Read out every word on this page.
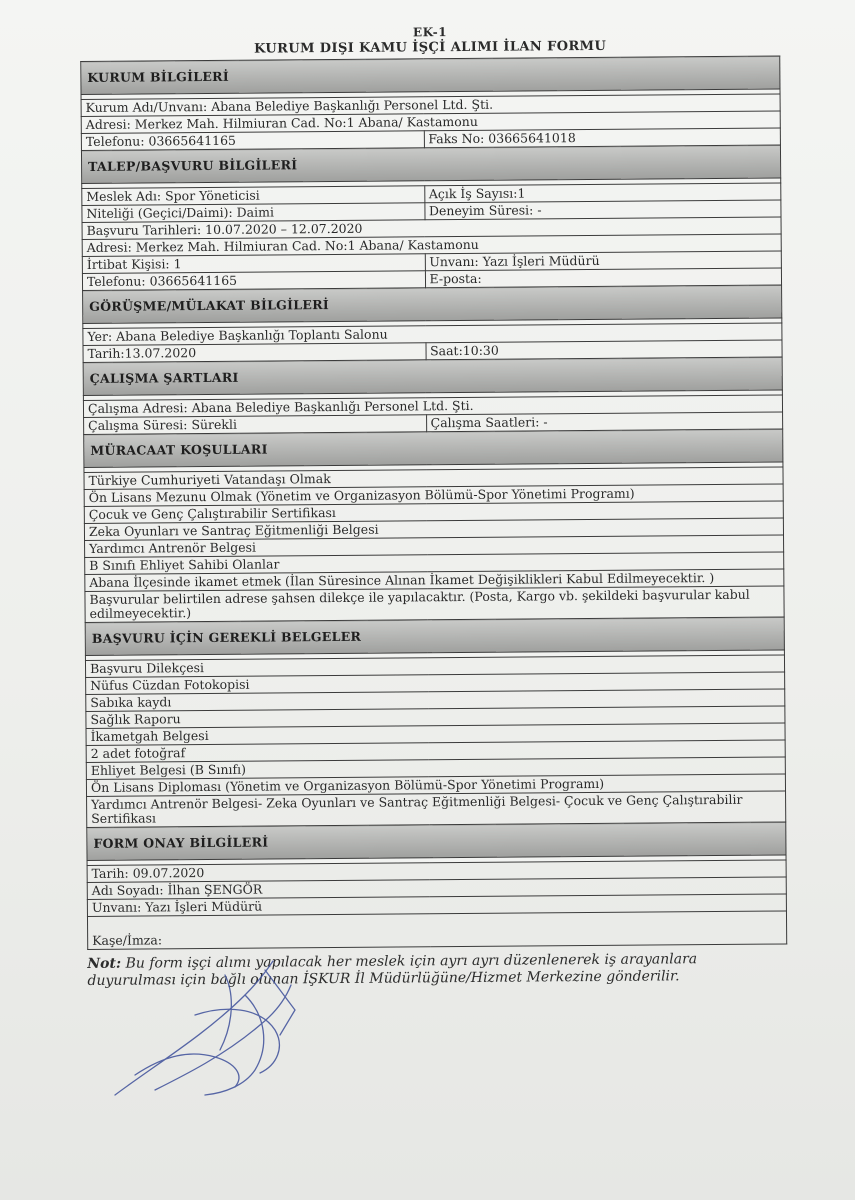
EK-1
KURUM DIŞI KAMU İŞÇİ ALIMI İLAN FORMU
KURUM BİLGİLERİ	

Kurum Adı/Unvanı: Abana Belediye Başkanlığı Personel Ltd. Şti.	
Adresi: Merkez Mah. Hilmiuran Cad. No:1 Abana/ Kastamonu	
Telefonu: 03665641165	Faks No: 03665641018
TALEP/BAŞVURU BİLGİLERİ	

Meslek Adı: Spor Yöneticisi	Açık İş Sayısı:1
Niteliği (Geçici/Daimi): Daimi	Deneyim Süresi: -
Başvuru Tarihleri: 10.07.2020 – 12.07.2020	
Adresi: Merkez Mah. Hilmiuran Cad. No:1 Abana/ Kastamonu	
İrtibat Kişisi: 1	Unvanı: Yazı İşleri Müdürü
Telefonu: 03665641165	E-posta:
GÖRÜŞME/MÜLAKAT BİLGİLERİ	

Yer: Abana Belediye Başkanlığı Toplantı Salonu	
Tarih:13.07.2020	Saat:10:30
ÇALIŞMA ŞARTLARI	

Çalışma Adresi: Abana Belediye Başkanlığı Personel Ltd. Şti.	
Çalışma Süresi: Sürekli	Çalışma Saatleri: -
MÜRACAAT KOŞULLARI	

Türkiye Cumhuriyeti Vatandaşı Olmak	
Ön Lisans Mezunu Olmak (Yönetim ve Organizasyon Bölümü-Spor Yönetimi Programı)	
Çocuk ve Genç Çalıştırabilir Sertifikası	
Zeka Oyunları ve Santraç Eğitmenliği Belgesi	
Yardımcı Antrenör Belgesi	
B Sınıfı Ehliyet Sahibi Olanlar	
Abana İlçesinde ikamet etmek (İlan Süresince Alınan İkamet Değişiklikleri Kabul Edilmeyecektir. )	
Başvurular belirtilen adrese şahsen dilekçe ile yapılacaktır. (Posta, Kargo vb. şekildeki başvurular kabul edilmeyecektir.)	
BAŞVURU İÇİN GEREKLİ BELGELER	

Başvuru Dilekçesi	
Nüfus Cüzdan Fotokopisi	
Sabıka kaydı	
Sağlık Raporu	
İkametgah Belgesi	
2 adet fotoğraf	
Ehliyet Belgesi (B Sınıfı)	
Ön Lisans Diploması (Yönetim ve Organizasyon Bölümü-Spor Yönetimi Programı)	
Yardımcı Antrenör Belgesi- Zeka Oyunları ve Santraç Eğitmenliği Belgesi- Çocuk ve Genç Çalıştırabilir Sertifikası	
FORM ONAY BİLGİLERİ	

Tarih: 09.07.2020	
Adı Soyadı: İlhan ŞENGÖR	
Unvanı: Yazı İşleri Müdürü	
Kaşe/İmza:	
Not: Bu form işçi alımı yapılacak her meslek için ayrı ayrı düzenlenerek iş arayanlara duyurulması için bağlı olunan İŞKUR İl Müdürlüğüne/Hizmet Merkezine gönderilir.
